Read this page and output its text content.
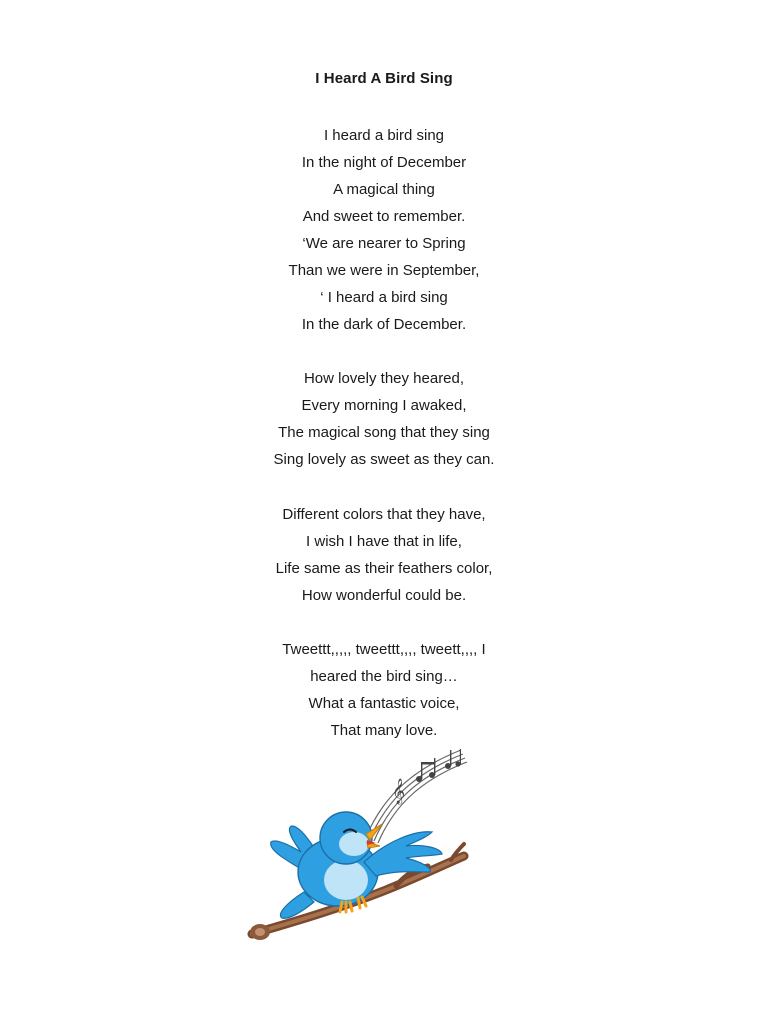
I Heard A Bird Sing
I heard a bird sing
In the night of December
A magical thing
And sweet to remember.
‘We are nearer to Spring
Than we were in September,
‘ I heard a bird sing
In the dark of December.
How lovely they heared,
Every morning I awaked,
The magical song that they sing
Sing lovely as sweet as they can.
Different colors that they have,
I wish I have that in life,
Life same as their feathers color,
How wonderful could be.
Tweettt,,,,, tweettt,,,, tweett,,,, I
heared the bird sing…
What a fantastic voice,
That many love.
𝄞
